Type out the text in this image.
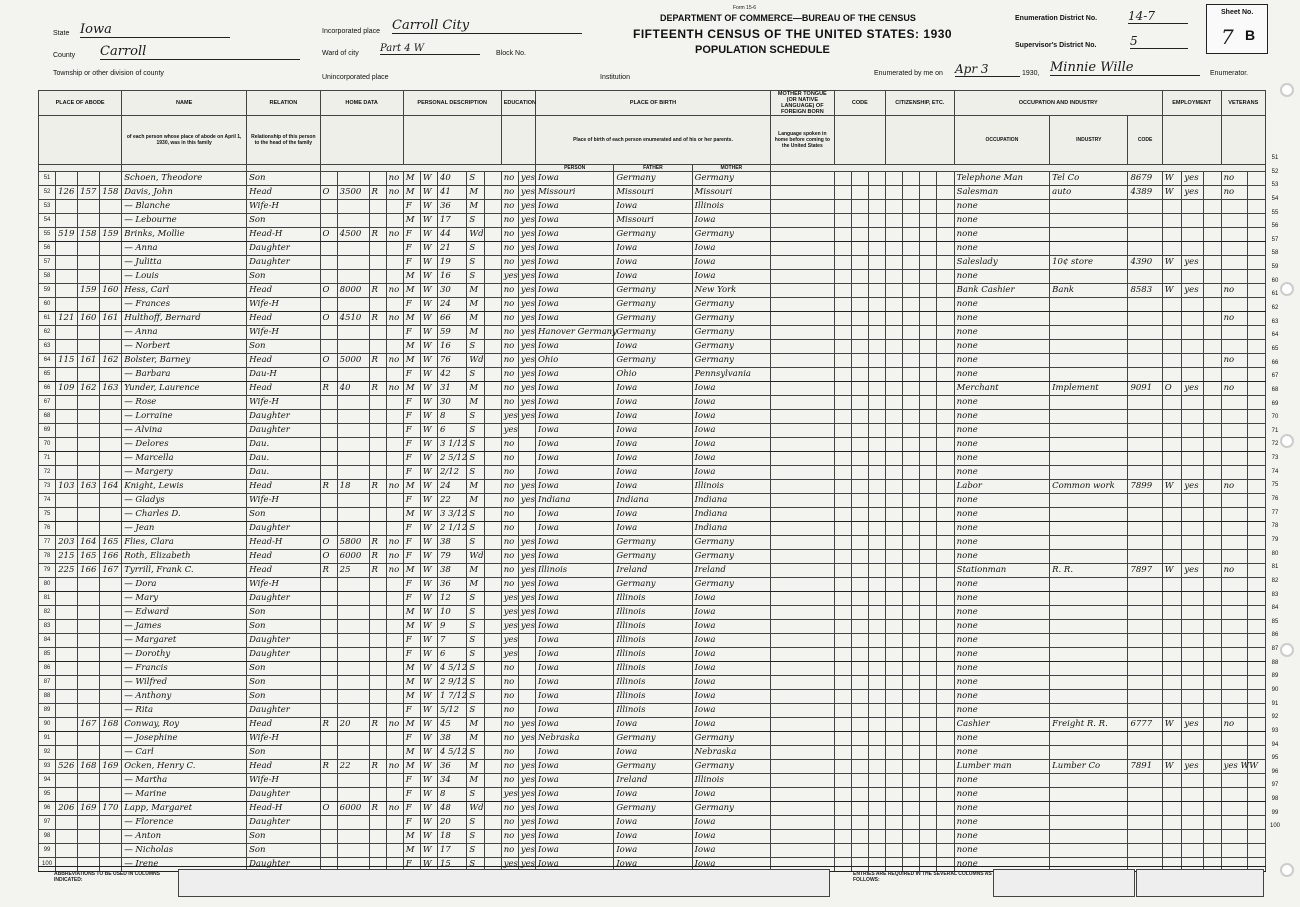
State Iowa
County Carroll
Township or other division of county
Incorporated place Carroll City
Ward of city Part 4 W	Block No.
Unincorporated place	Institution
Form 15-6
DEPARTMENT OF COMMERCE—BUREAU OF THE CENSUS
FIFTEENTH CENSUS OF THE UNITED STATES: 1930
POPULATION SCHEDULE
Enumeration District No.	14-7
Supervisor's District No.	5
Sheet No.
7 B
Enumerated by me on Apr 3	1930, Minnie Wille	Enumerator.
PLACE OF ABODE				NAME	RELATION	HOME DATA				PERSONAL DESCRIPTION					EDUCATION		PLACE OF BIRTH			MOTHER TONGUE (OR NATIVE LANGUAGE) OF FOREIGN BORN	CODE			CITIZENSHIP, ETC.				OCCUPATION AND INDUSTRY			EMPLOYMENT			VETERANS	
				of each person whose place of abode on April 1, 1930, was in this family	Relationship of this person to the head of the family												Place of birth of each person enumerated and of his or her parents.			Language spoken in home before coming to the United States								OCCUPATION	INDUSTRY	CODE					
																	PERSON	FATHER	MOTHER																
51				Schoen, Theodore	Son				no	M	W	40	S		no	yes	Iowa	Germany	Germany									Telephone Man	Tel Co	8679	W	yes		no	
52	126	157	158	Davis, John	Head	O	3500	R	no	M	W	41	M		no	yes	Missouri	Missouri	Missouri									Salesman	auto	4389	W	yes		no	
53				— Blanche	Wife-H					F	W	36	M		no	yes	Iowa	Iowa	Illinois									none							
54				— Lebourne	Son					M	W	17	S		no	yes	Iowa	Missouri	Iowa									none							
55	519	158	159	Brinks, Mollie	Head-H	O	4500	R	no	F	W	44	Wd		no	yes	Iowa	Germany	Germany									none							
56				— Anna	Daughter					F	W	21	S		no	yes	Iowa	Iowa	Iowa									none							
57				— Julitta	Daughter					F	W	19	S		no	yes	Iowa	Iowa	Iowa									Saleslady	10¢ store	4390	W	yes			
58				— Louis	Son					M	W	16	S		yes	yes	Iowa	Iowa	Iowa									none							
59		159	160	Hess, Carl	Head	O	8000	R	no	M	W	30	M		no	yes	Iowa	Germany	New York									Bank Cashier	Bank	8583	W	yes		no	
60				— Frances	Wife-H					F	W	24	M		no	yes	Iowa	Germany	Germany									none							
61	121	160	161	Hulthoff, Bernard	Head	O	4510	R	no	M	W	66	M		no	yes	Iowa	Germany	Germany									none						no	
62				— Anna	Wife-H					F	W	59	M		no	yes	Hanover Germany	Germany	Germany									none							
63				— Norbert	Son					M	W	16	S		no	yes	Iowa	Iowa	Germany									none							
64	115	161	162	Bolster, Barney	Head	O	5000	R	no	M	W	76	Wd		no	yes	Ohio	Germany	Germany									none						no	
65				— Barbara	Dau-H					F	W	42	S		no	yes	Iowa	Ohio	Pennsylvania									none							
66	109	162	163	Yunder, Laurence	Head	R	40	R	no	M	W	31	M		no	yes	Iowa	Iowa	Iowa									Merchant	Implement	9091	O	yes		no	
67				— Rose	Wife-H					F	W	30	M		no	yes	Iowa	Iowa	Iowa									none							
68				— Lorraine	Daughter					F	W	8	S		yes	yes	Iowa	Iowa	Iowa									none							
69				— Alvina	Daughter					F	W	6	S		yes		Iowa	Iowa	Iowa									none							
70				— Delores	Dau.					F	W	3 1/12	S		no		Iowa	Iowa	Iowa									none							
71				— Marcella	Dau.					F	W	2 5/12	S		no		Iowa	Iowa	Iowa									none							
72				— Margery	Dau.					F	W	2/12	S		no		Iowa	Iowa	Iowa									none							
73	103	163	164	Knight, Lewis	Head	R	18	R	no	M	W	24	M		no	yes	Iowa	Iowa	Illinois									Labor	Common work	7899	W	yes		no	
74				— Gladys	Wife-H					F	W	22	M		no	yes	Indiana	Indiana	Indiana									none							
75				— Charles D.	Son					M	W	3 3/12	S		no		Iowa	Iowa	Indiana									none							
76				— Jean	Daughter					F	W	2 1/12	S		no		Iowa	Iowa	Indiana									none							
77	203	164	165	Flies, Clara	Head-H	O	5800	R	no	F	W	38	S		no	yes	Iowa	Germany	Germany									none							
78	215	165	166	Roth, Elizabeth	Head	O	6000	R	no	F	W	79	Wd		no	yes	Iowa	Germany	Germany									none							
79	225	166	167	Tyrrill, Frank C.	Head	R	25	R	no	M	W	38	M		no	yes	Illinois	Ireland	Ireland									Stationman	R. R.	7897	W	yes		no	
80				— Dora	Wife-H					F	W	36	M		no	yes	Iowa	Germany	Germany									none							
81				— Mary	Daughter					F	W	12	S		yes	yes	Iowa	Illinois	Iowa									none							
82				— Edward	Son					M	W	10	S		yes	yes	Iowa	Illinois	Iowa									none							
83				— James	Son					M	W	9	S		yes	yes	Iowa	Illinois	Iowa									none							
84				— Margaret	Daughter					F	W	7	S		yes		Iowa	Illinois	Iowa									none							
85				— Dorothy	Daughter					F	W	6	S		yes		Iowa	Illinois	Iowa									none							
86				— Francis	Son					M	W	4 5/12	S		no		Iowa	Illinois	Iowa									none							
87				— Wilfred	Son					M	W	2 9/12	S		no		Iowa	Illinois	Iowa									none							
88				— Anthony	Son					M	W	1 7/12	S		no		Iowa	Illinois	Iowa									none							
89				— Rita	Daughter					F	W	5/12	S		no		Iowa	Illinois	Iowa									none							
90		167	168	Conway, Roy	Head	R	20	R	no	M	W	45	M		no	yes	Iowa	Iowa	Iowa									Cashier	Freight R. R.	6777	W	yes		no	
91				— Josephine	Wife-H					F	W	38	M		no	yes	Nebraska	Germany	Germany									none							
92				— Carl	Son					M	W	4 5/12	S		no		Iowa	Iowa	Nebraska									none							
93	526	168	169	Ocken, Henry C.	Head	R	22	R	no	M	W	36	M		no	yes	Iowa	Germany	Germany									Lumber man	Lumber Co	7891	W	yes		yes WW	
94				— Martha	Wife-H					F	W	34	M		no	yes	Iowa	Ireland	Illinois									none							
95				— Marine	Daughter					F	W	8	S		yes	yes	Iowa	Iowa	Iowa									none							
96	206	169	170	Lapp, Margaret	Head-H	O	6000	R	no	F	W	48	Wd		no	yes	Iowa	Germany	Germany									none							
97				— Florence	Daughter					F	W	20	S		no	yes	Iowa	Iowa	Iowa									none							
98				— Anton	Son					M	W	18	S		no	yes	Iowa	Iowa	Iowa									none							
99				— Nicholas	Son					M	W	17	S		no	yes	Iowa	Iowa	Iowa									none							
100				— Irene	Daughter					F	W	15	S		yes	yes	Iowa	Iowa	Iowa									none							
51
52
53
54
55
56
57
58
59
60
61
62
63
64
65
66
67
68
69
70
71
72
73
74
75
76
77
78
79
80
81
82
83
84
85
86
87
88
89
90
91
92
93
94
95
96
97
98
99
100
ABBREVIATIONS TO BE USED IN COLUMNS INDICATED:
ENTRIES ARE REQUIRED IN THE SEVERAL COLUMNS AS FOLLOWS:
